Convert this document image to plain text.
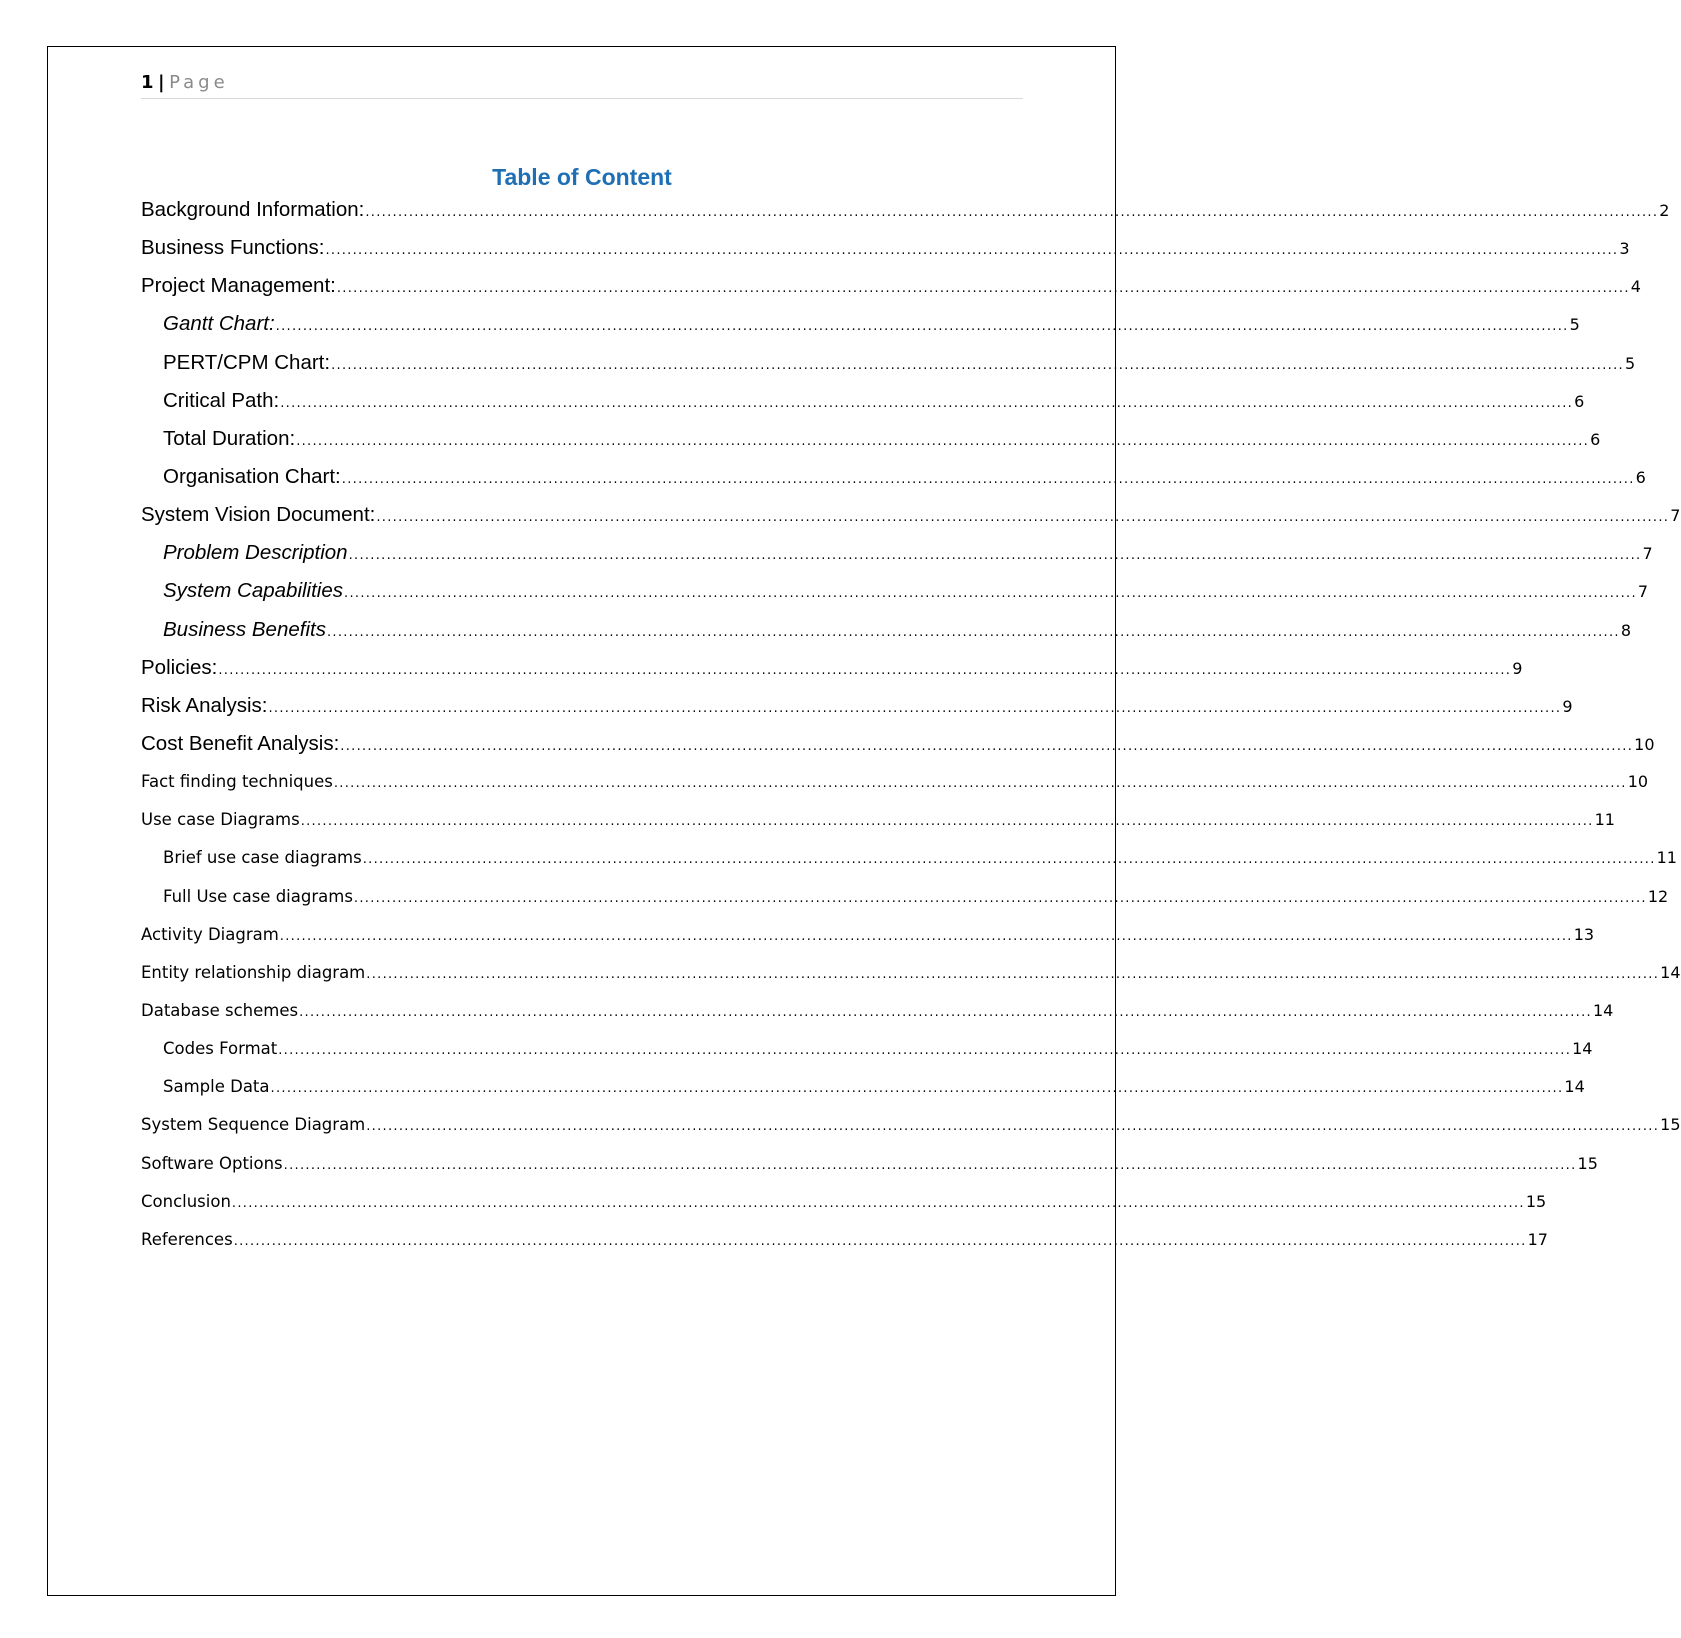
1 | Page
Table of Content
Background Information: .............................................................................................................................................................................................................................................. 2
Business Functions: .............................................................................................................................................................................................................................................. 3
Project Management: .............................................................................................................................................................................................................................................. 4
Gantt Chart: .............................................................................................................................................................................................................................................. 5
PERT/CPM Chart: .............................................................................................................................................................................................................................................. 5
Critical Path: .............................................................................................................................................................................................................................................. 6
Total Duration: .............................................................................................................................................................................................................................................. 6
Organisation Chart: .............................................................................................................................................................................................................................................. 6
System Vision Document: .............................................................................................................................................................................................................................................. 7
Problem Description .............................................................................................................................................................................................................................................. 7
System Capabilities .............................................................................................................................................................................................................................................. 7
Business Benefits .............................................................................................................................................................................................................................................. 8
Policies: .............................................................................................................................................................................................................................................. 9
Risk Analysis: .............................................................................................................................................................................................................................................. 9
Cost Benefit Analysis: .............................................................................................................................................................................................................................................. 10
Fact finding techniques .............................................................................................................................................................................................................................................. 10
Use case Diagrams .............................................................................................................................................................................................................................................. 11
Brief use case diagrams .............................................................................................................................................................................................................................................. 11
Full Use case diagrams .............................................................................................................................................................................................................................................. 12
Activity Diagram .............................................................................................................................................................................................................................................. 13
Entity relationship diagram .............................................................................................................................................................................................................................................. 14
Database schemes .............................................................................................................................................................................................................................................. 14
Codes Format .............................................................................................................................................................................................................................................. 14
Sample Data .............................................................................................................................................................................................................................................. 14
System Sequence Diagram .............................................................................................................................................................................................................................................. 15
Software Options .............................................................................................................................................................................................................................................. 15
Conclusion .............................................................................................................................................................................................................................................. 15
References .............................................................................................................................................................................................................................................. 17
